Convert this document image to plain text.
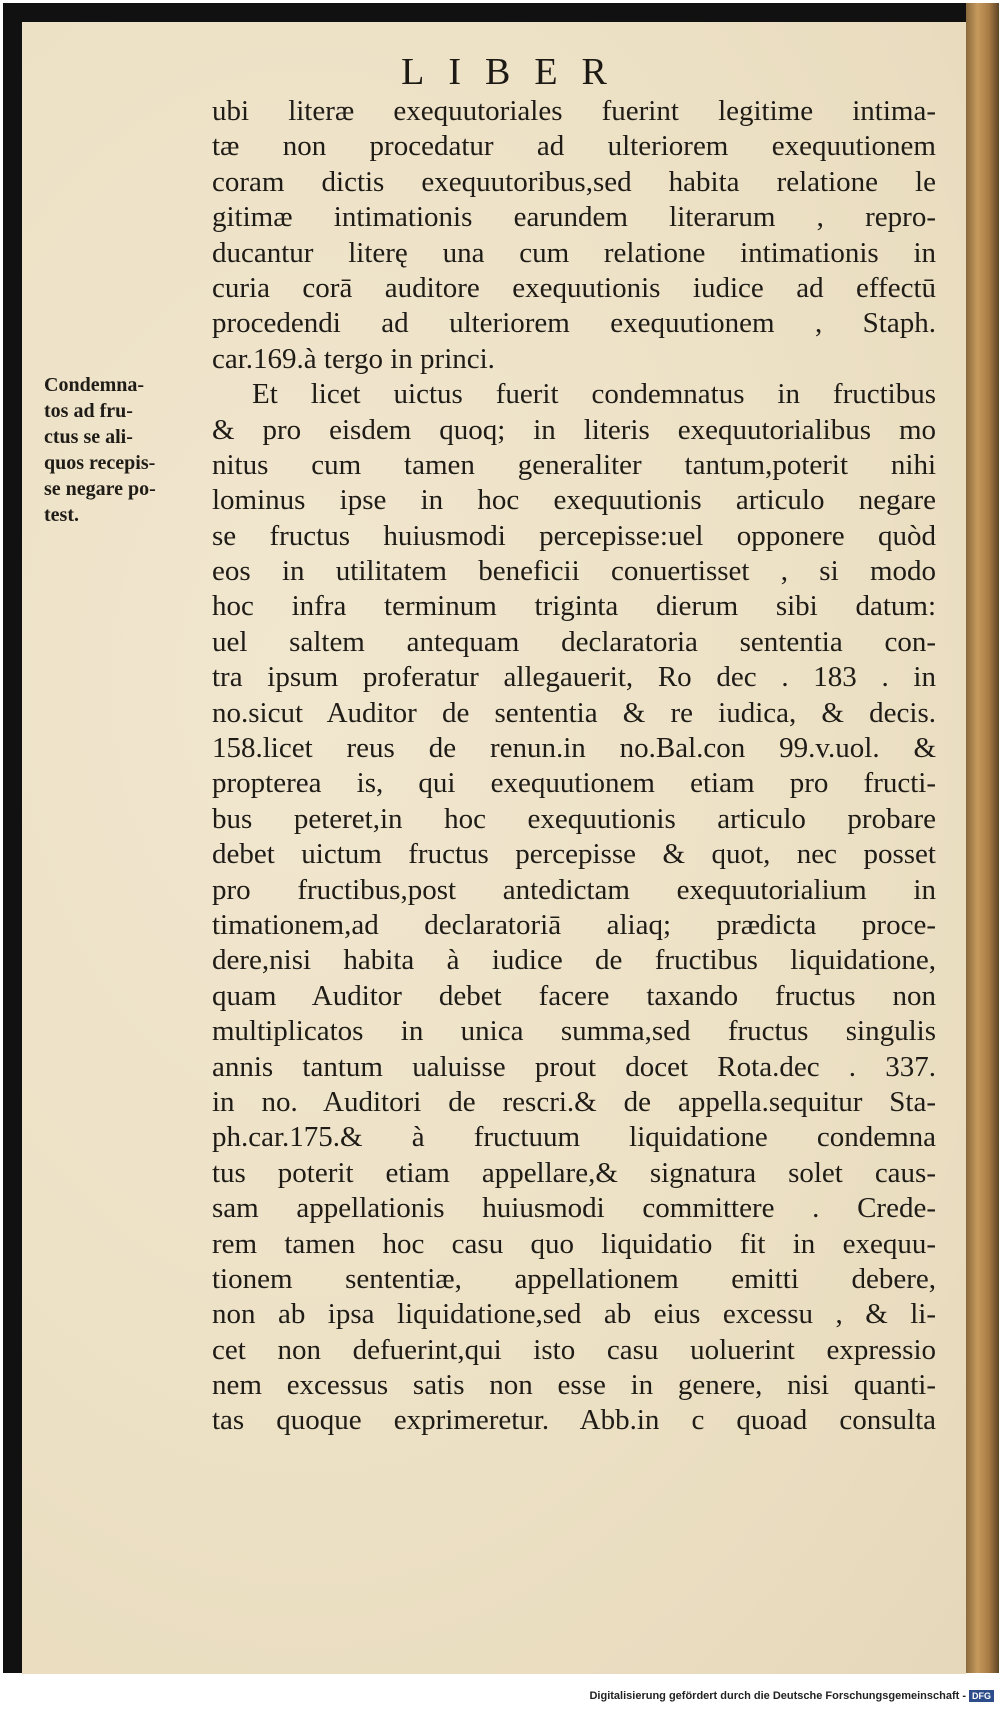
LIBER
Condemna-
tos ad fru-
ctus se ali-
quos recepis-
se negare po-
test.
ubi literæ exequutoriales fuerint legitime intima-
tæ non procedatur ad ulteriorem exequutionem
coram dictis exequutoribus,sed habita relatione le
gitimæ intimationis earundem literarum , repro-
ducantur literę una cum relatione intimationis in
curia corā auditore exequutionis iudice ad effectū
procedendi ad ulteriorem exequutionem , Staph.
car.169.à tergo in princi.
Et licet uictus fuerit condemnatus in fructibus
& pro eisdem quoq; in literis exequutorialibus mo
nitus cum tamen generaliter tantum,poterit nihi
lominus ipse in hoc exequutionis articulo negare
se fructus huiusmodi percepisse:uel opponere quòd
eos in utilitatem beneficii conuertisset , si modo
hoc infra terminum triginta dierum sibi datum:
uel saltem antequam declaratoria sententia con-
tra ipsum proferatur allegauerit, Ro dec . 183 . in
no.sicut Auditor de sententia & re iudica, & decis.
158.licet reus de renun.in no.Bal.con 99.v.uol. &
propterea is, qui exequutionem etiam pro fructi-
bus peteret,in hoc exequutionis articulo probare
debet uictum fructus percepisse & quot, nec posset
pro fructibus,post antedictam exequutorialium in
timationem,ad declaratoriā aliaq; prædicta proce-
dere,nisi habita à iudice de fructibus liquidatione,
quam Auditor debet facere taxando fructus non
multiplicatos in unica summa,sed fructus singulis
annis tantum ualuisse prout docet Rota.dec . 337.
in no. Auditori de rescri.& de appella.sequitur Sta-
ph.car.175.& à fructuum liquidatione condemna
tus poterit etiam appellare,& signatura solet caus-
sam appellationis huiusmodi committere . Crede-
rem tamen hoc casu quo liquidatio fit in exequu-
tionem sententiæ, appellationem emitti debere,
non ab ipsa liquidatione,sed ab eius excessu , & li-
cet non defuerint,qui isto casu uoluerint expressio
nem excessus satis non esse in genere, nisi quanti-
tas quoque exprimeretur. Abb.in c quoad consulta
Digitalisierung gefördert durch die Deutsche Forschungsgemeinschaft - DFG
